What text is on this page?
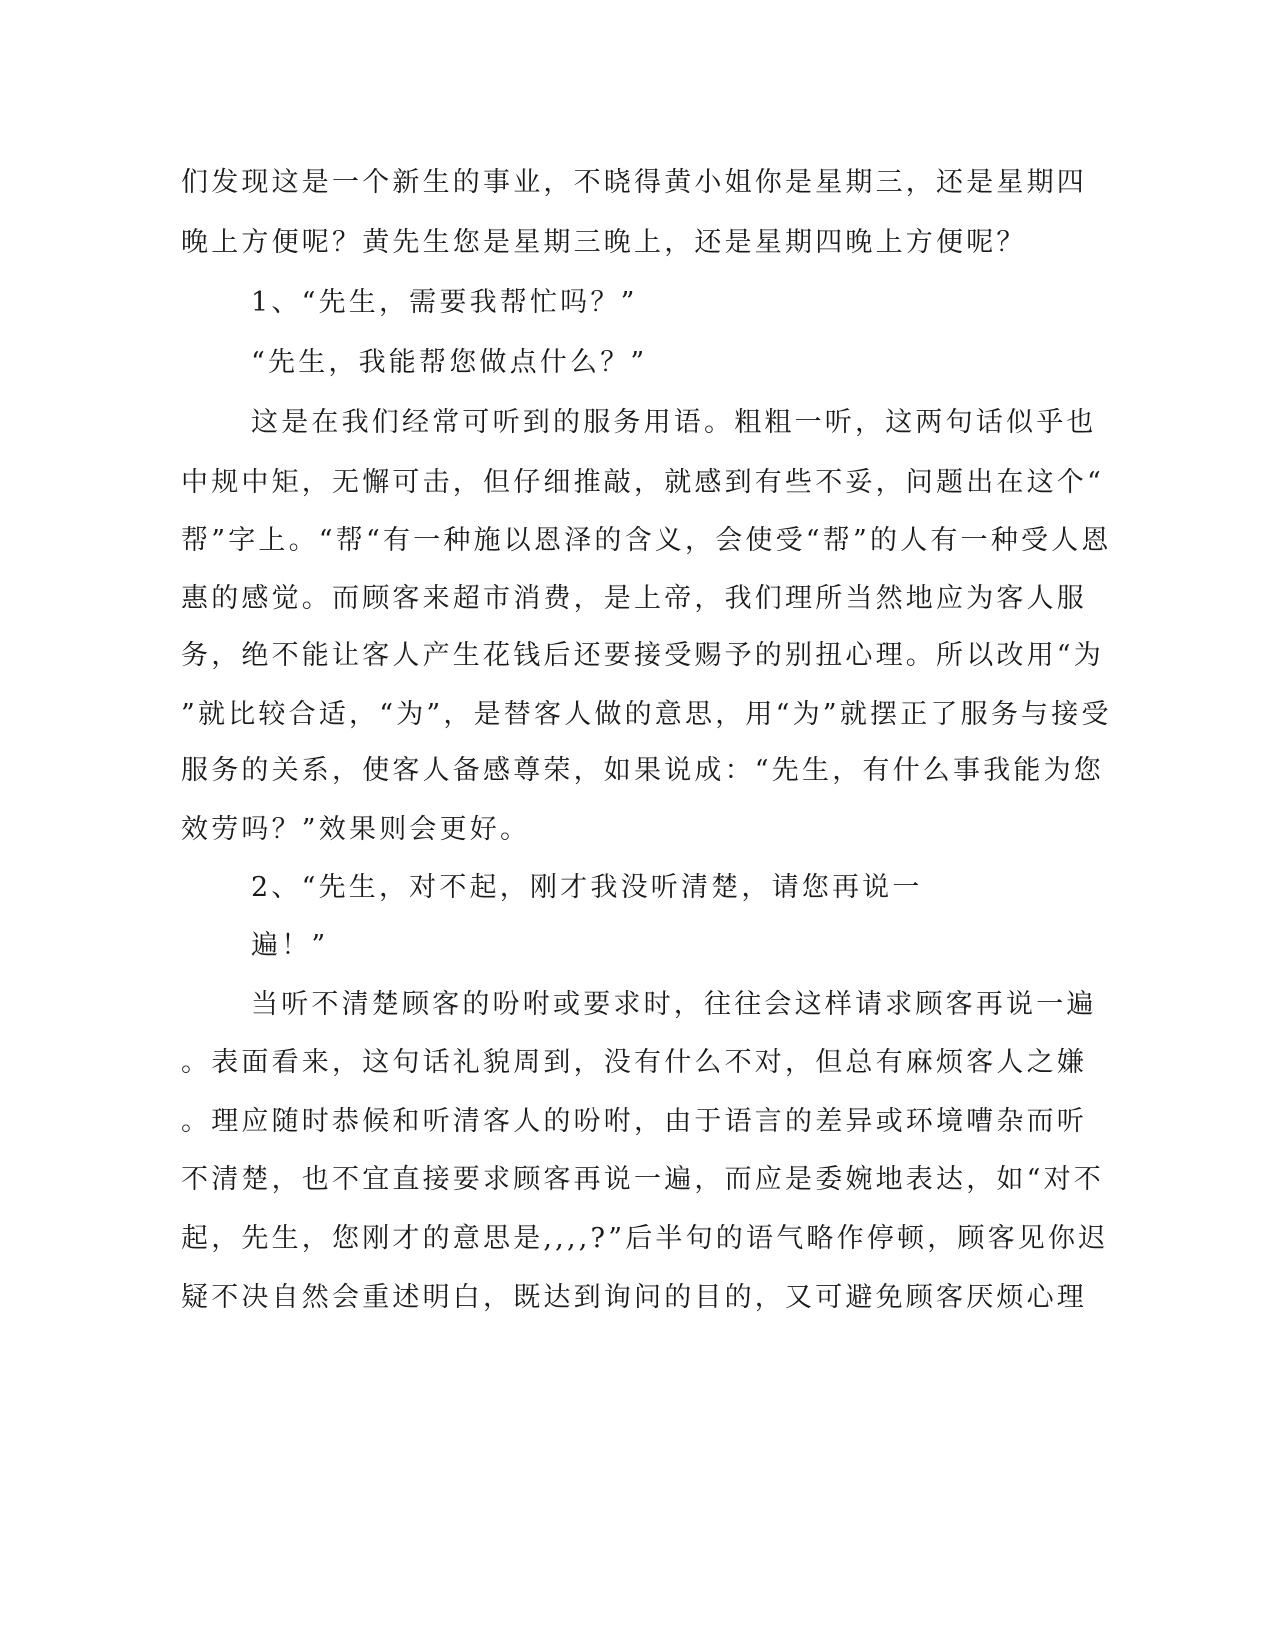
们发现这是一个新生的事业，不晓得黄小姐你是星期三，还是星期四
晚上方便呢？黄先生您是星期三晚上，还是星期四晚上方便呢？
1、“先生，需要我帮忙吗？”
“先生，我能帮您做点什么？”
这是在我们经常可听到的服务用语。粗粗一听，这两句话似乎也
中规中矩，无懈可击，但仔细推敲，就感到有些不妥，问题出在这个“
帮”字上。“帮“有一种施以恩泽的含义，会使受“帮”的人有一种受人恩
惠的感觉。而顾客来超市消费，是上帝，我们理所当然地应为客人服
务，绝不能让客人产生花钱后还要接受赐予的别扭心理。所以改用“为
”就比较合适，“为”，是替客人做的意思，用“为”就摆正了服务与接受
服务的关系，使客人备感尊荣，如果说成：“先生，有什么事我能为您
效劳吗？”效果则会更好。
2、“先生，对不起，刚才我没听清楚，请您再说一
遍！”
当听不清楚顾客的吩咐或要求时，往往会这样请求顾客再说一遍
。表面看来，这句话礼貌周到，没有什么不对，但总有麻烦客人之嫌
。理应随时恭候和听清客人的吩咐，由于语言的差异或环境嘈杂而听
不清楚，也不宜直接要求顾客再说一遍，而应是委婉地表达，如“对不
起，先生，您刚才的意思是,,,,?”后半句的语气略作停顿，顾客见你迟
疑不决自然会重述明白，既达到询问的目的，又可避免顾客厌烦心理
